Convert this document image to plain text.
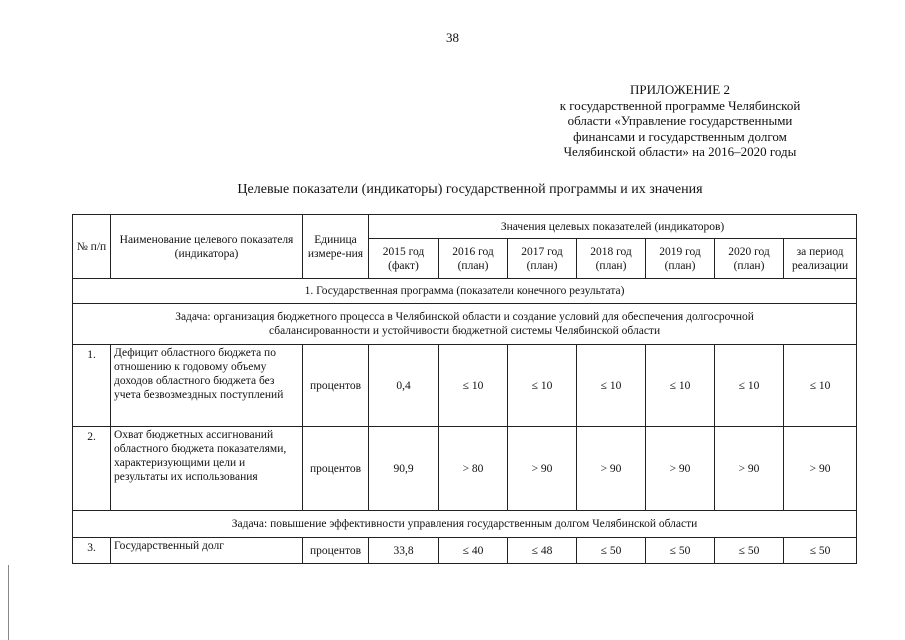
38
ПРИЛОЖЕНИЕ 2
к государственной программе Челябинской
области «Управление государственными
финансами и государственным долгом
Челябинской области» на 2016–2020 годы
Целевые показатели (индикаторы) государственной программы и их значения
№ п/п	Наименование целевого показателя (индикатора)	Единица измере-ния	Значения целевых показателей (индикаторов)						
			2015 год (факт)	2016 год (план)	2017 год (план)	2018 год (план)	2019 год (план)	2020 год (план)	за период реализации
1. Государственная программа (показатели конечного результата)									
Задача: организация бюджетного процесса в Челябинской области и создание условий для обеспечения долгосрочной сбалансированности и устойчивости бюджетной системы Челябинской области									
1.	Дефицит областного бюджета по отношению к годовому объему доходов областного бюджета без учета безвозмездных поступлений	процентов	0,4	≤ 10	≤ 10	≤ 10	≤ 10	≤ 10	≤ 10
2.	Охват бюджетных ассигнований областного бюджета показателями, характеризующими цели и результаты их использования	процентов	90,9	> 80	> 90	> 90	> 90	> 90	> 90
Задача: повышение эффективности управления государственным долгом Челябинской области									
3.	Государственный долг	процентов	33,8	≤ 40	≤ 48	≤ 50	≤ 50	≤ 50	≤ 50
